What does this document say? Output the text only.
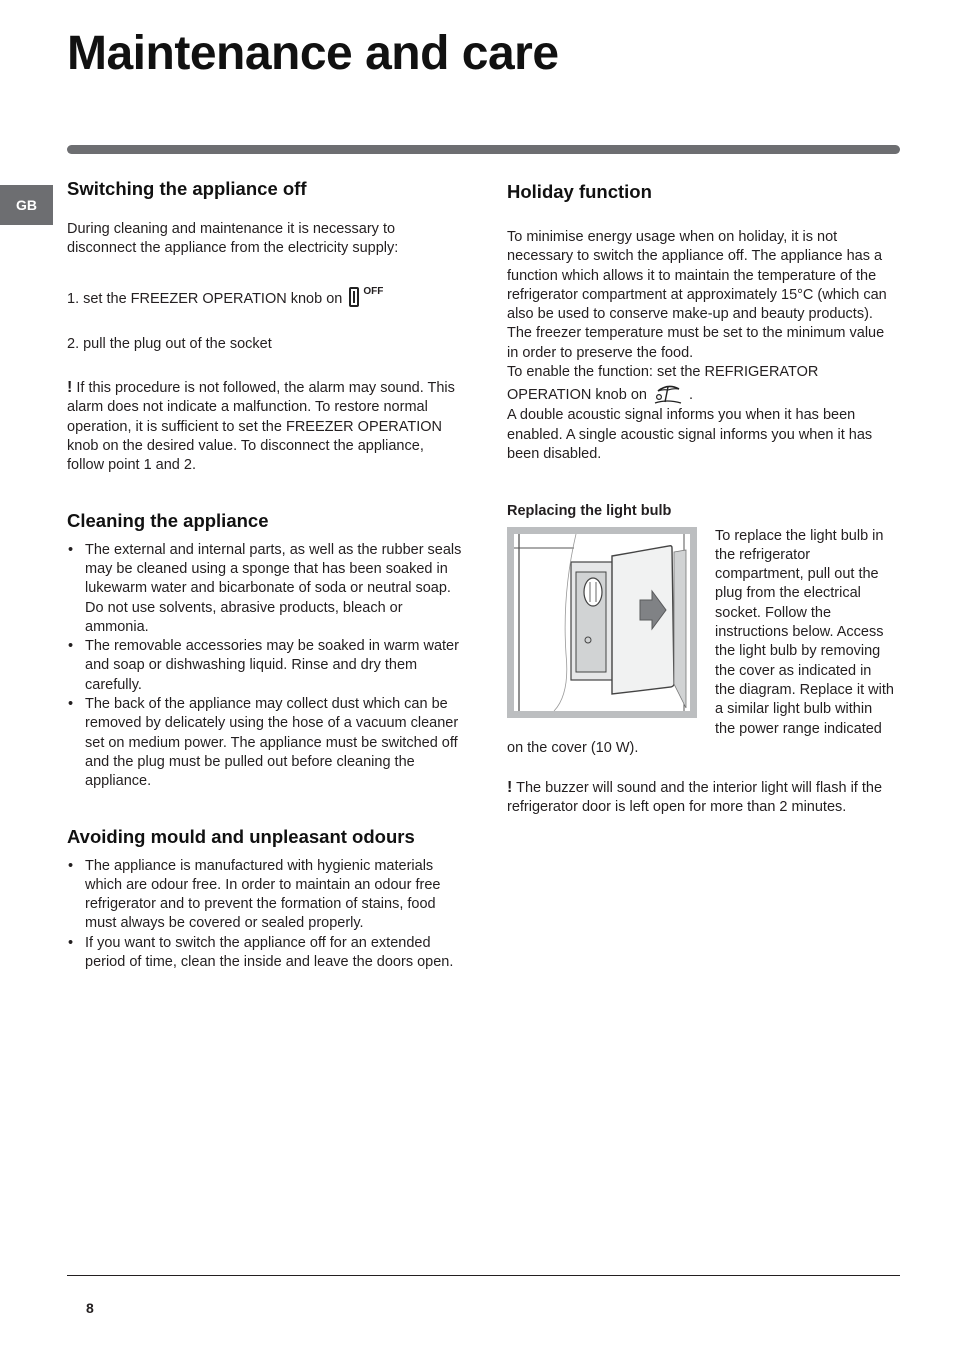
Maintenance and care
GB
Switching the appliance off

During cleaning and maintenance it is necessary to disconnect the appliance from the electricity supply:

1. set the FREEZER OPERATION knob on OFF

2. pull the plug out of the socket

! If this procedure is not followed, the alarm may sound. This alarm does not indicate a malfunction. To restore normal operation, it is sufficient to set the FREEZER OPERATION knob on the desired value. To disconnect the appliance, follow point 1 and 2.

Cleaning the appliance
• The external and internal parts, as well as the rubber seals may be cleaned using a sponge that has been soaked in lukewarm water and bicarbonate of soda or neutral soap. Do not use solvents, abrasive products, bleach or ammonia.
• The removable accessories may be soaked in warm water and soap or dishwashing liquid. Rinse and dry them carefully.
• The back of the appliance may collect dust which can be removed by delicately using the hose of a vacuum cleaner set on medium power. The appliance must be switched off and the plug must be pulled out before cleaning the appliance.
Avoiding mould and unpleasant odours
• The appliance is manufactured with hygienic materials which are odour free. In order to maintain an odour free refrigerator and to prevent the formation of stains, food must always be covered or sealed properly.
• If you want to switch the appliance off for an extended period of time, clean the inside and leave the doors open.
Holiday function

To minimise energy usage when on holiday, it is not necessary to switch the appliance off. The appliance has a function which allows it to maintain the temperature of the refrigerator compartment at approximately 15°C (which can also be used to conserve make-up and beauty products). The freezer temperature must be set to the minimum value in order to preserve the food.

To enable the function: set the REFRIGERATOR
OPERATION knob on	.

A double acoustic signal informs you when it has been enabled. A single acoustic signal informs you when it has been disabled.

Replacing the light bulb

To replace the light bulb in the refrigerator compartment, pull out the plug from the electrical socket. Follow the instructions below. Access the light bulb by removing the cover as indicated in the diagram. Replace it with a similar light bulb within the power range indicated on the cover (10 W).

! The buzzer will sound and the interior light will flash if the refrigerator door is left open for more than 2 minutes.

8
